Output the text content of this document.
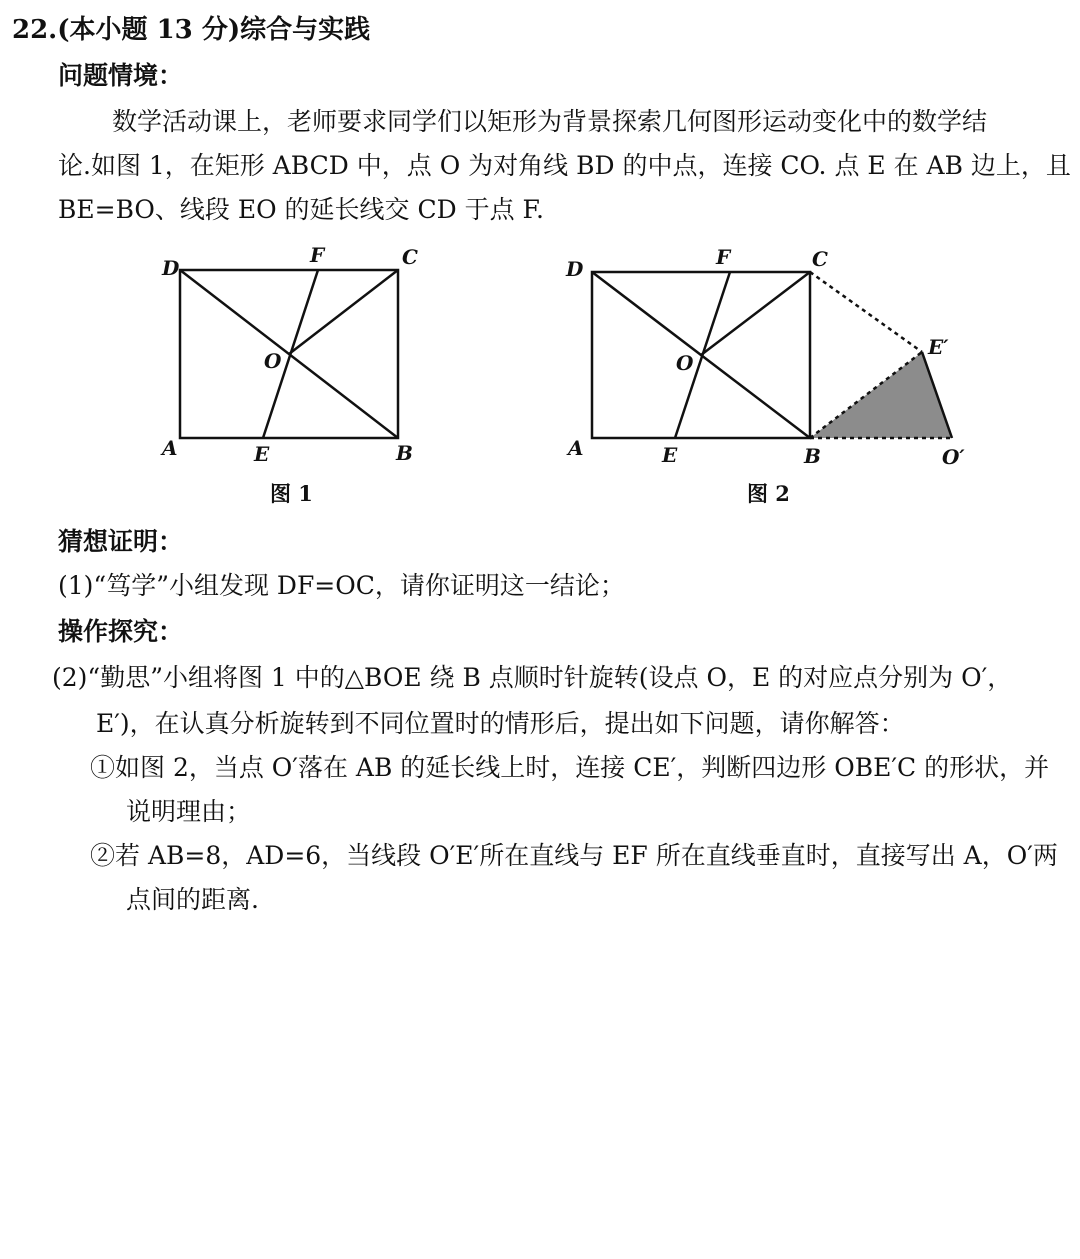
22.(本小题 13 分)综合与实践
问题情境：
数学活动课上，老师要求同学们以矩形为背景探索几何图形运动变化中的数学结
论.如图 1，在矩形 ABCD 中，点 O 为对角线 BD 的中点，连接 CO. 点 E 在 AB 边上，且
BE=BO、线段 EO 的延长线交 CD 于点 F.
D
F	C
O
A	E	B
图 1
D	F	C
O
E′
A	E	B	O′
图 2
猜想证明：
(1)“笃学”小组发现 DF=OC，请你证明这一结论；
操作探究：
(2)“勤思”小组将图 1 中的△BOE 绕 B 点顺时针旋转(设点 O，E 的对应点分别为 O′，
E′)，在认真分析旋转到不同位置时的情形后，提出如下问题，请你解答：
①如图 2，当点 O′落在 AB 的延长线上时，连接 CE′，判断四边形 OBE′C 的形状，并
说明理由；
②若 AB=8，AD=6，当线段 O′E′所在直线与 EF 所在直线垂直时，直接写出 A，O′两
点间的距离.
